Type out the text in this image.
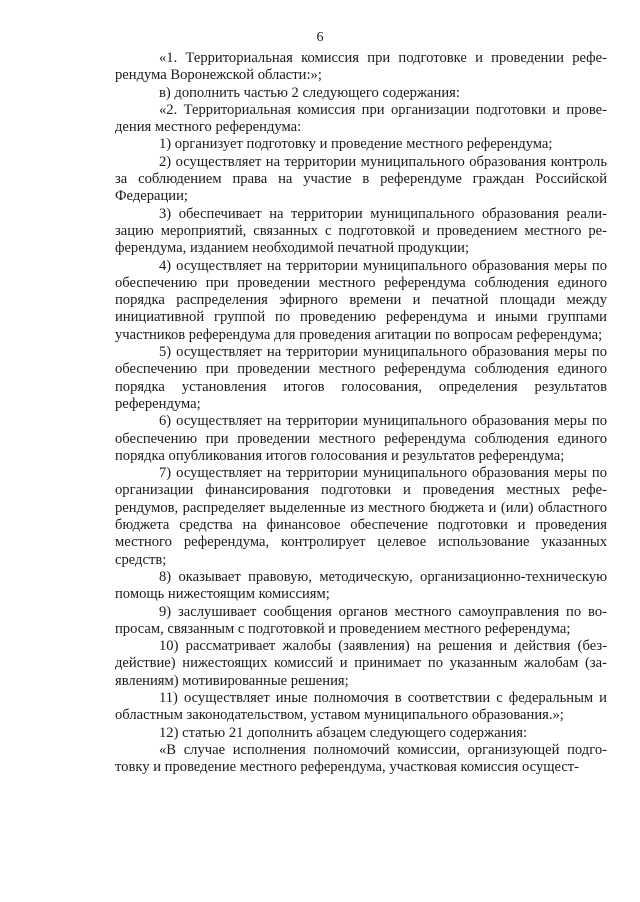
6

«1. Территориальная комиссия при подготовке и проведении референдума Воронежской области:»;

в) дополнить частью 2 следующего содержания:

«2. Территориальная комиссия при организации подготовки и проведения местного референдума:

1) организует подготовку и проведение местного референдума;

2) осуществляет на территории муниципального образования контроль за соблюдением права на участие в референдуме граждан Российской Федерации;

3) обеспечивает на территории муниципального образования реализацию мероприятий, связанных с подготовкой и проведением местного референдума, изданием необходимой печатной продукции;

4) осуществляет на территории муниципального образования меры по обеспечению при проведении местного референдума соблюдения единого порядка распределения эфирного времени и печатной площади между инициативной группой по проведению референдума и иными группами участников референдума для проведения агитации по вопросам референдума;

5) осуществляет на территории муниципального образования меры по обеспечению при проведении местного референдума соблюдения единого порядка установления итогов голосования, определения результатов референдума;

6) осуществляет на территории муниципального образования меры по обеспечению при проведении местного референдума соблюдения единого порядка опубликования итогов голосования и результатов референдума;

7) осуществляет на территории муниципального образования меры по организации финансирования подготовки и проведения местных референдумов, распределяет выделенные из местного бюджета и (или) областного бюджета средства на финансовое обеспечение подготовки и проведения местного референдума, контролирует целевое использование указанных средств;

8) оказывает правовую, методическую, организационно-техническую помощь нижестоящим комиссиям;

9) заслушивает сообщения органов местного самоуправления по вопросам, связанным с подготовкой и проведением местного референдума;

10) рассматривает жалобы (заявления) на решения и действия (бездействие) нижестоящих комиссий и принимает по указанным жалобам (заявлениям) мотивированные решения;

11) осуществляет иные полномочия в соответствии с федеральным и областным законодательством, уставом муниципального образования.»;

12) статью 21 дополнить абзацем следующего содержания:

«В случае исполнения полномочий комиссии, организующей подготовку и проведение местного референдума, участковая комиссия осущест-
